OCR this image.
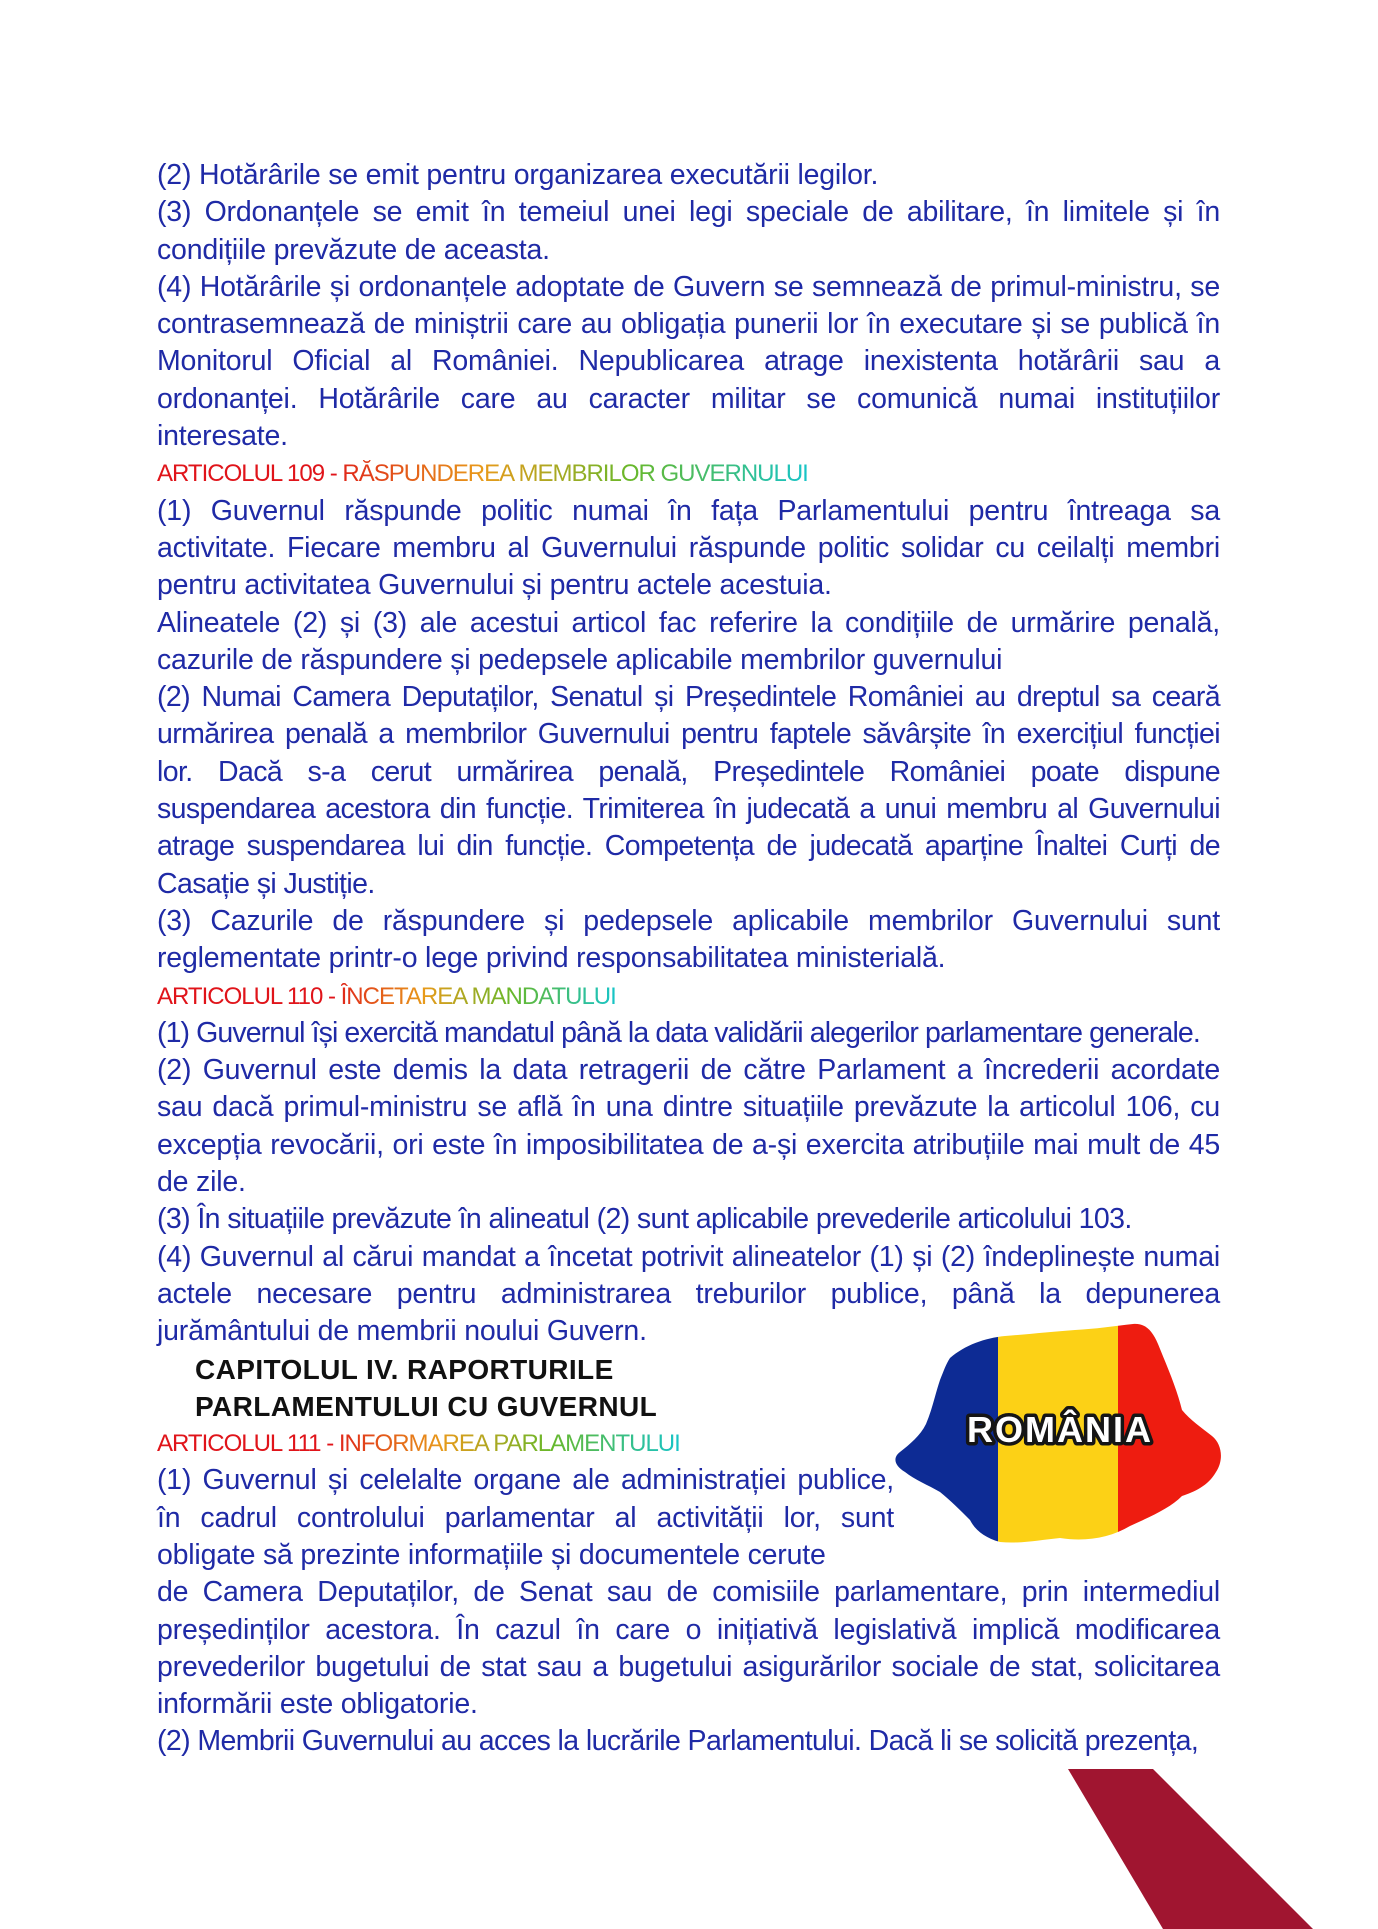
(2) Hotărârile se emit pentru organizarea executării legilor.

(3) Ordonanțele se emit în temeiul unei legi speciale de abilitare, în limitele și în condițiile prevăzute de aceasta.

(4) Hotărârile și ordonanțele adoptate de Guvern se semnează de primul-ministru, se contrasemnează de miniștrii care au obligația punerii lor în executare și se publică în Monitorul Oficial al României. Nepublicarea atrage inexistenta hotărârii sau a ordonanței. Hotărârile care au caracter militar se comunică numai instituțiilor interesate.

ARTICOLUL 109 - RĂSPUNDEREA MEMBRILOR GUVERNULUI

(1) Guvernul răspunde politic numai în fața Parlamentului pentru întreaga sa activitate. Fiecare membru al Guvernului răspunde politic solidar cu ceilalți membri pentru activitatea Guvernului și pentru actele acestuia.

Alineatele (2) și (3) ale acestui articol fac referire la condițiile de urmărire penală, cazurile de răspundere și pedepsele aplicabile membrilor guvernului

(2) Numai Camera Deputaților, Senatul și Președintele României au dreptul sa ceară urmărirea penală a membrilor Guvernului pentru faptele săvârșite în exercițiul funcției lor. Dacă s-a cerut urmărirea penală, Președintele României poate dispune suspendarea acestora din funcție. Trimiterea în judecată a unui membru al Guvernului atrage suspendarea lui din funcție. Competența de judecată aparține Înaltei Curți de Casație și Justiție.

(3) Cazurile de răspundere și pedepsele aplicabile membrilor Guvernului sunt reglementate printr-o lege privind responsabilitatea ministerială.

ARTICOLUL 110 - ÎNCETAREA MANDATULUI

(1) Guvernul își exercită mandatul până la data validării alegerilor parlamentare generale.

(2) Guvernul este demis la data retragerii de către Parlament a încrederii acordate sau dacă primul-ministru se află în una dintre situațiile prevăzute la articolul 106, cu excepția revocării, ori este în imposibilitatea de a-și exercita atribuțiile mai mult de 45 de zile.

(3) În situațiile prevăzute în alineatul (2) sunt aplicabile prevederile articolului 103.

(4) Guvernul al cărui mandat a încetat potrivit alineatelor (1) și (2) îndeplinește numai actele necesare pentru administrarea treburilor publice, până la depunerea jurământului de membrii noului Guvern.

CAPITOLUL IV. RAPORTURILE

PARLAMENTULUI CU GUVERNUL

ARTICOLUL 111 - INFORMAREA PARLAMENTULUI

(1) Guvernul și celelalte organe ale administrației publice, în cadrul controlului parlamentar al activității lor, sunt obligate să prezinte informațiile și documentele cerute

de Camera Deputaților, de Senat sau de comisiile parlamentare, prin intermediul președinților acestora. În cazul în care o inițiativă legislativă implică modificarea prevederilor bugetului de stat sau a bugetului asigurărilor sociale de stat, solicitarea informării este obligatorie.

(2) Membrii Guvernului au acces la lucrările Parlamentului. Dacă li se solicită prezența,

ROMÂNIA
119
